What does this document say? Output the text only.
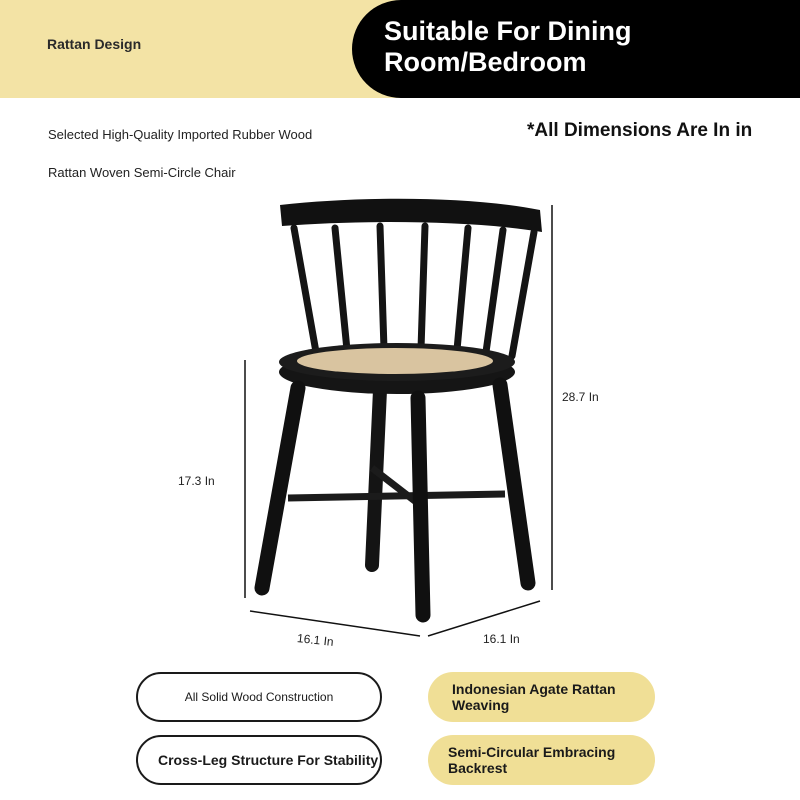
Rattan Design	Suitable For Dining Room/Bedroom
Selected High-Quality Imported Rubber Wood
Rattan Woven Semi-Circle Chair
*All Dimensions Are In in
17.3 In
28.7 In
16.1 In	16.1 In
All Solid Wood Construction	Indonesian Agate Rattan Weaving
Cross-Leg Structure For Stability	Semi-Circular Embracing Backrest
